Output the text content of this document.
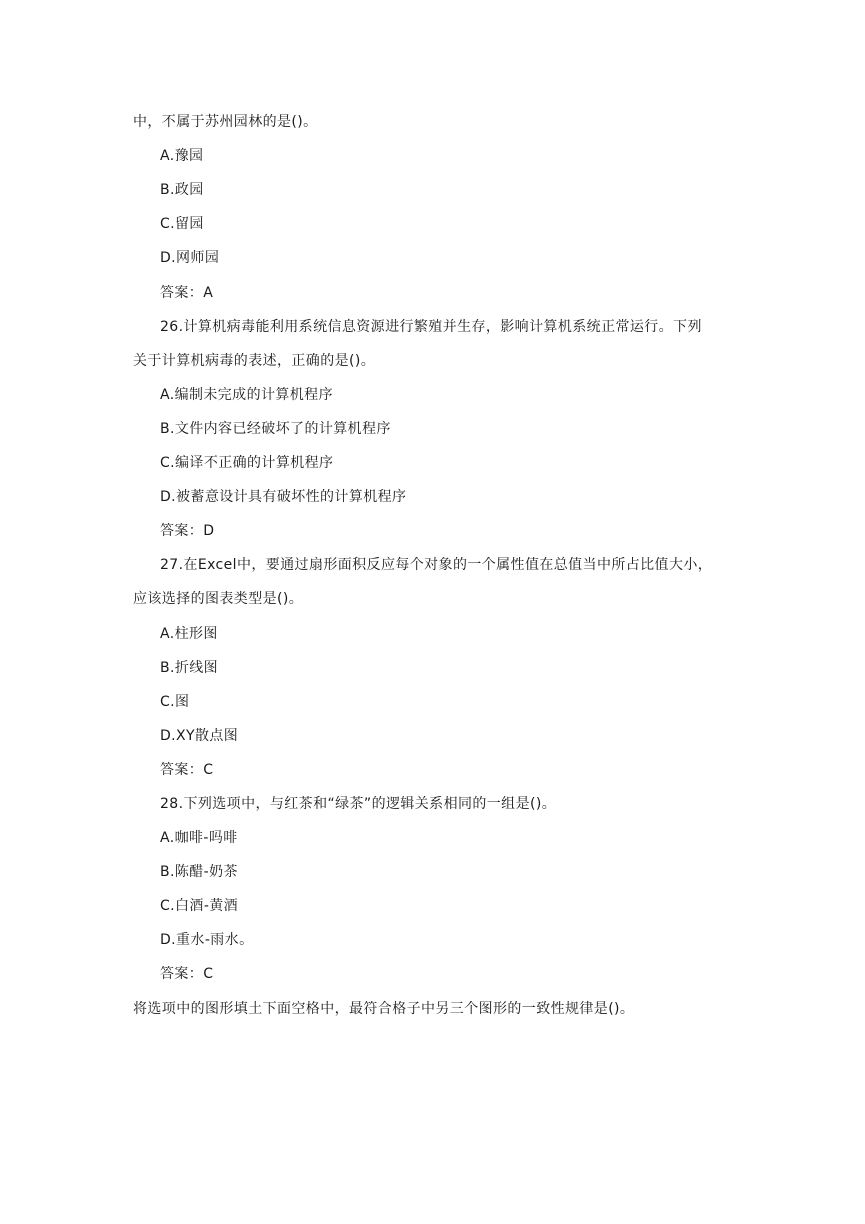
中，不属于苏州园林的是()。
A.豫园
B.政园
C.留园
D.网师园
答案：A
26.计算机病毒能利用系统信息资源进行繁殖并生存，影响计算机系统正常运行。下列
关于计算机病毒的表述，正确的是()。
A.编制未完成的计算机程序
B.文件内容已经破坏了的计算机程序
C.编译不正确的计算机程序
D.被蓄意设计具有破坏性的计算机程序
答案：D
27.在Excel中，要通过扇形面积反应每个对象的一个属性值在总值当中所占比值大小，
应该选择的图表类型是()。
A.柱形图
B.折线图
C.图
D.XY散点图
答案：C
28.下列选项中，与红茶和“绿茶”的逻辑关系相同的一组是()。
A.咖啡-吗啡
B.陈醋-奶茶
C.白酒-黄酒
D.重水-雨水。
答案：C
将选项中的图形填土下面空格中，最符合格子中另三个图形的一致性规律是()。
